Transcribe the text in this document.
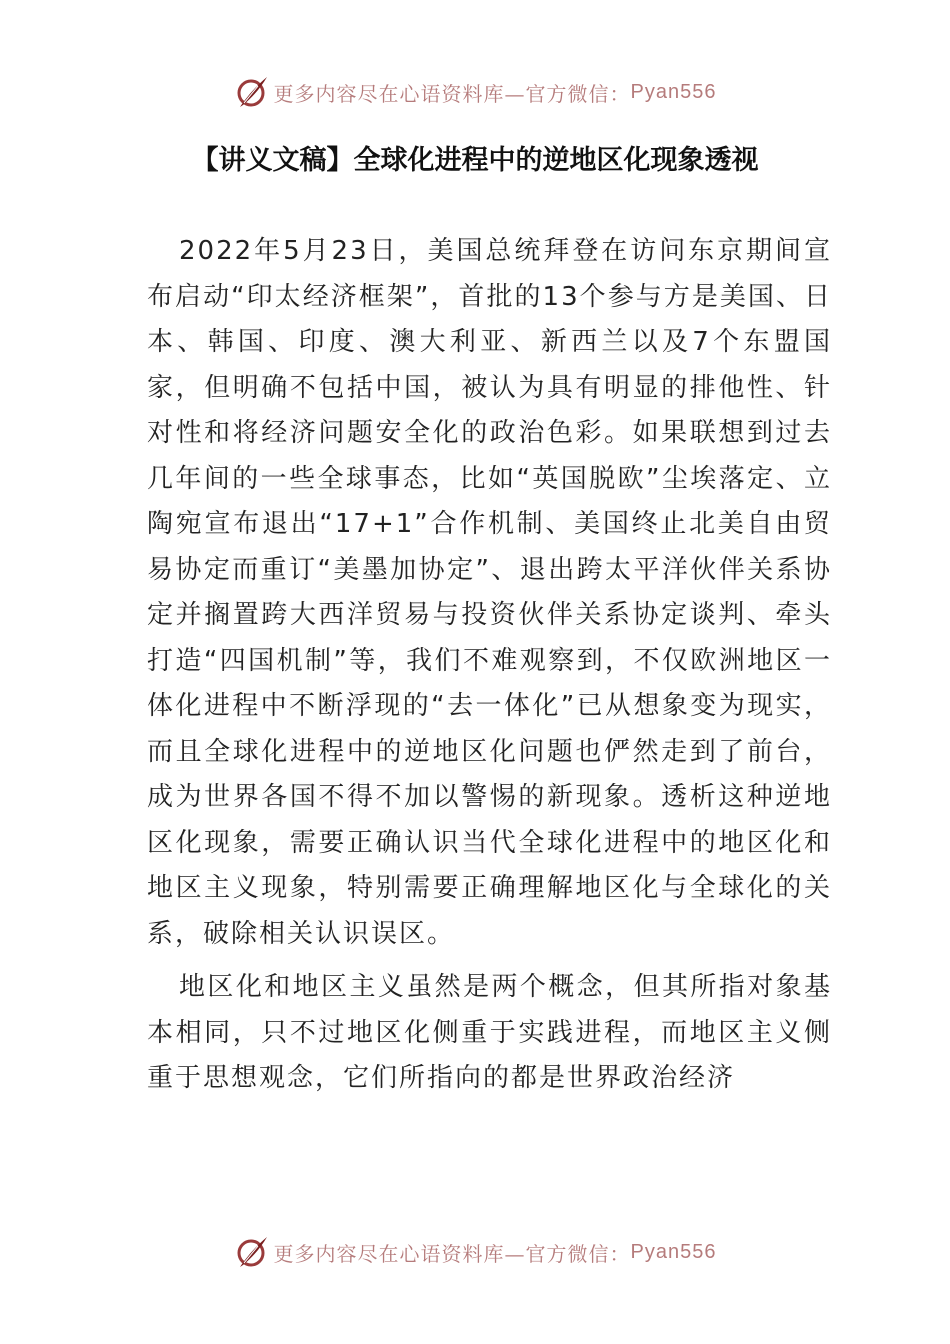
更多内容尽在心语资料库—官方微信： Pyan556
【讲义文稿】全球化进程中的逆地区化现象透视

2022年5月23日，美国总统拜登在访问东京期间宣布启动“印太经济框架”，首批的13个参与方是美国、日本、韩国、印度、澳大利亚、新西兰以及7个东盟国家，但明确不包括中国，被认为具有明显的排他性、针对性和将经济问题安全化的政治色彩。如果联想到过去几年间的一些全球事态，比如“英国脱欧”尘埃落定、立陶宛宣布退出“17+1”合作机制、美国终止北美自由贸易协定而重订“美墨加协定”、退出跨太平洋伙伴关系协定并搁置跨大西洋贸易与投资伙伴关系协定谈判、牵头打造“四国机制”等，我们不难观察到，不仅欧洲地区一体化进程中不断浮现的“去一体化”已从想象变为现实，而且全球化进程中的逆地区化问题也俨然走到了前台，成为世界各国不得不加以警惕的新现象。透析这种逆地区化现象，需要正确认识当代全球化进程中的地区化和地区主义现象，特别需要正确理解地区化与全球化的关系，破除相关认识误区。

地区化和地区主义虽然是两个概念，但其所指对象基本相同，只不过地区化侧重于实践进程，而地区主义侧重于思想观念，它们所指向的都是世界政治经济

更多内容尽在心语资料库—官方微信： Pyan556
